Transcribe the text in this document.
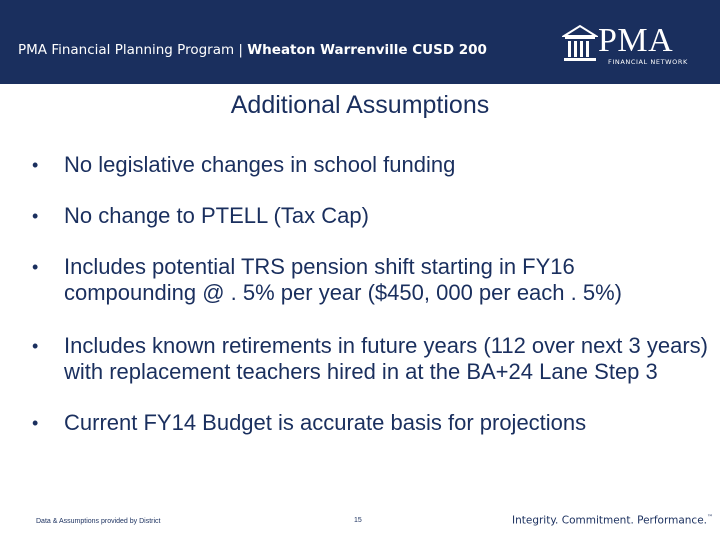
PMA Financial Planning Program | Wheaton Warrenville CUSD 200	PMA
FINANCIAL NETWORK
Additional Assumptions
• No legislative changes in school funding
• No change to PTELL (Tax Cap)
• Includes potential TRS pension shift starting in FY16 compounding @ . 5% per year ($450, 000 per each . 5%)
• Includes known retirements in future years (112 over next 3 years) with replacement teachers hired in at the BA+24 Lane Step 3
• Current FY14 Budget is accurate basis for projections
Data & Assumptions provided by District	15	Integrity. Commitment. Performance.™
